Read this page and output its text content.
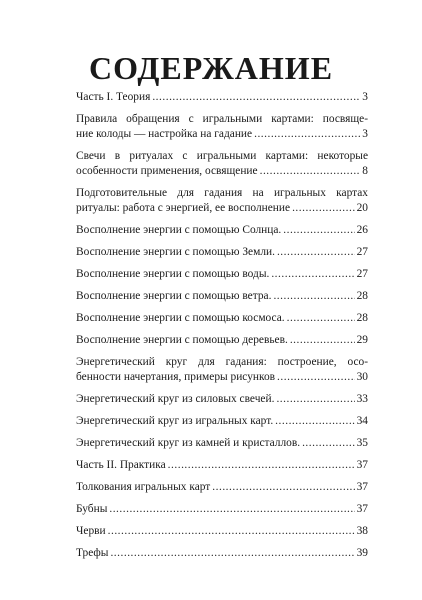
СОДЕРЖАНИЕ
Часть I. Теория .....	3
Правила обращения с игральными картами: посвяще-
ние колоды — настройка на гадание .....	3
Свечи в ритуалах с игральными картами: некоторые
особенности применения, освящение .....	8
Подготовительные для гадания на игральных картах
ритуалы: работа с энергией, ее восполнение .....	20
Восполнение энергии с помощью Солнца. .....	26
Восполнение энергии с помощью Земли. .....	27
Восполнение энергии с помощью воды. .....	27
Восполнение энергии с помощью ветра. .....	28
Восполнение энергии с помощью космоса. .....	28
Восполнение энергии с помощью деревьев. .....	29
Энергетический круг для гадания: построение, осо-
бенности начертания, примеры рисунков .....	30
Энергетический круг из силовых свечей. .....	33
Энергетический круг из игральных карт. .....	34
Энергетический круг из камней и кристаллов. .....	35
Часть II. Практика .....	37
Толкования игральных карт .....	37
Бубны .....	37
Черви .....	38
Трефы .....	39
